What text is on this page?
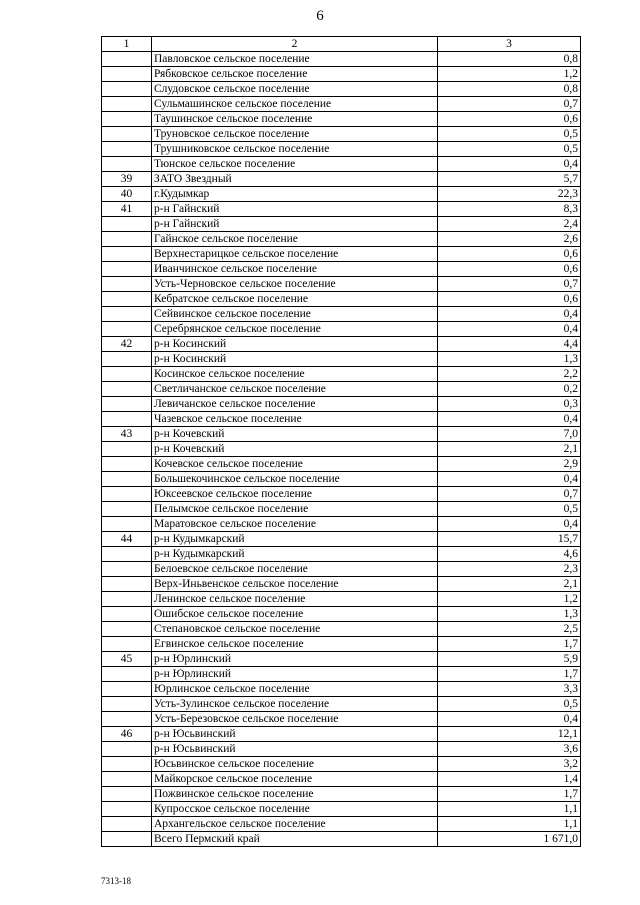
6
1	2	3
	Павловское сельское поселение	0,8
	Рябковское сельское поселение	1,2
	Слудовское сельское поселение	0,8
	Сульмашинское сельское поселение	0,7
	Таушинское сельское поселение	0,6
	Труновское сельское поселение	0,5
	Трушниковское сельское поселение	0,5
	Тюнское сельское поселение	0,4
39	ЗАТО Звездный	5,7
40	г.Кудымкар	22,3
41	р-н Гайнский	8,3
	р-н Гайнский	2,4
	Гайнское сельское поселение	2,6
	Верхнестарицкое сельское поселение	0,6
	Иванчинское сельское поселение	0,6
	Усть-Черновское сельское поселение	0,7
	Кебратское сельское поселение	0,6
	Сейвинское сельское поселение	0,4
	Серебрянское сельское поселение	0,4
42	р-н Косинский	4,4
	р-н Косинский	1,3
	Косинское сельское поселение	2,2
	Светличанское сельское поселение	0,2
	Левичанское сельское поселение	0,3
	Чазевское сельское поселение	0,4
43	р-н Кочевский	7,0
	р-н Кочевский	2,1
	Кочевское сельское поселение	2,9
	Большекочинское сельское поселение	0,4
	Юксеевское сельское поселение	0,7
	Пелымское сельское поселение	0,5
	Маратовское сельское поселение	0,4
44	р-н Кудымкарский	15,7
	р-н Кудымкарский	4,6
	Белоевское сельское поселение	2,3
	Верх-Иньвенское сельское поселение	2,1
	Ленинское сельское поселение	1,2
	Ошибское сельское поселение	1,3
	Степановское сельское поселение	2,5
	Егвинское сельское поселение	1,7
45	р-н Юрлинский	5,9
	р-н Юрлинский	1,7
	Юрлинское сельское поселение	3,3
	Усть-Зулинское сельское поселение	0,5
	Усть-Березовское сельское поселение	0,4
46	р-н Юсьвинский	12,1
	р-н Юсьвинский	3,6
	Юсьвинское сельское поселение	3,2
	Майкорское сельское поселение	1,4
	Пожвинское сельское поселение	1,7
	Купросское сельское поселение	1,1
	Архангельское сельское поселение	1,1
	Всего Пермский край	1 671,0
7313-18
